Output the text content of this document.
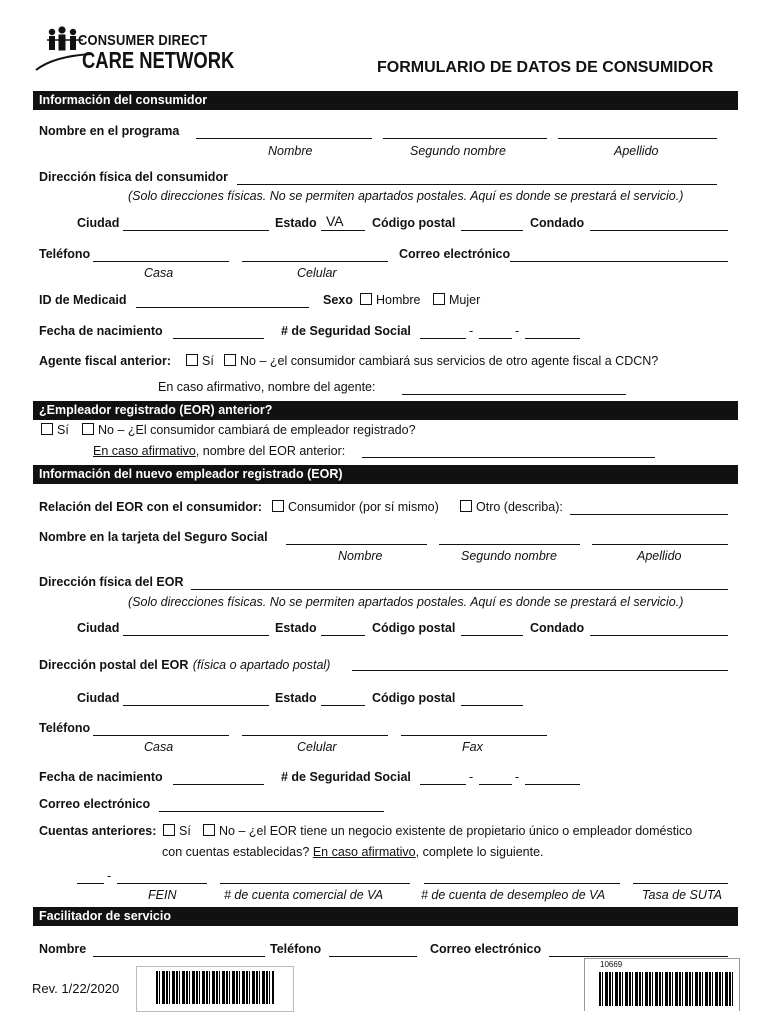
CONSUMER DIRECT
CARE NETWORK	FORMULARIO DE DATOS DE CONSUMIDOR
Información del consumidor
Nombre en el programa
Nombre	Segundo nombre	Apellido
Dirección física del consumidor
(Solo direcciones físicas. No se permiten apartados postales. Aquí es donde se prestará el servicio.)
Ciudad	Estado VA Código postal	Condado
Teléfono	Correo electrónico
Casa	Celular
ID de Medicaid	Sexo	Hombre	Mujer
Fecha de nacimiento	# de Seguridad Social	-	-
Agente fiscal anterior:	Sí	No – ¿el consumidor cambiará sus servicios de otro agente fiscal a CDCN?
En caso afirmativo, nombre del agente:
¿Empleador registrado (EOR) anterior?
Sí	No – ¿El consumidor cambiará de empleador registrado?
En caso afirmativo, nombre del EOR anterior:
Información del nuevo empleador registrado (EOR)
Relación del EOR con el consumidor:	Consumidor (por sí mismo)	Otro (describa):
Nombre en la tarjeta del Seguro Social
Nombre	Segundo nombre	Apellido
Dirección física del EOR
(Solo direcciones físicas. No se permiten apartados postales. Aquí es donde se prestará el servicio.)
Ciudad	Estado	Código postal	Condado
Dirección postal del EOR (física o apartado postal)
Ciudad	Estado	Código postal
Teléfono
Casa	Celular	Fax
Fecha de nacimiento	# de Seguridad Social	-	-
Correo electrónico
Cuentas anteriores:	Sí	No – ¿el EOR tiene un negocio existente de propietario único o empleador doméstico
con cuentas establecidas? En caso afirmativo, complete lo siguiente.
-
FEIN	# de cuenta comercial de VA	# de cuenta de desempleo de VA	Tasa de SUTA
Facilitador de servicio
Nombre	Teléfono	Correo electrónico
Rev. 1/22/2020
10669
